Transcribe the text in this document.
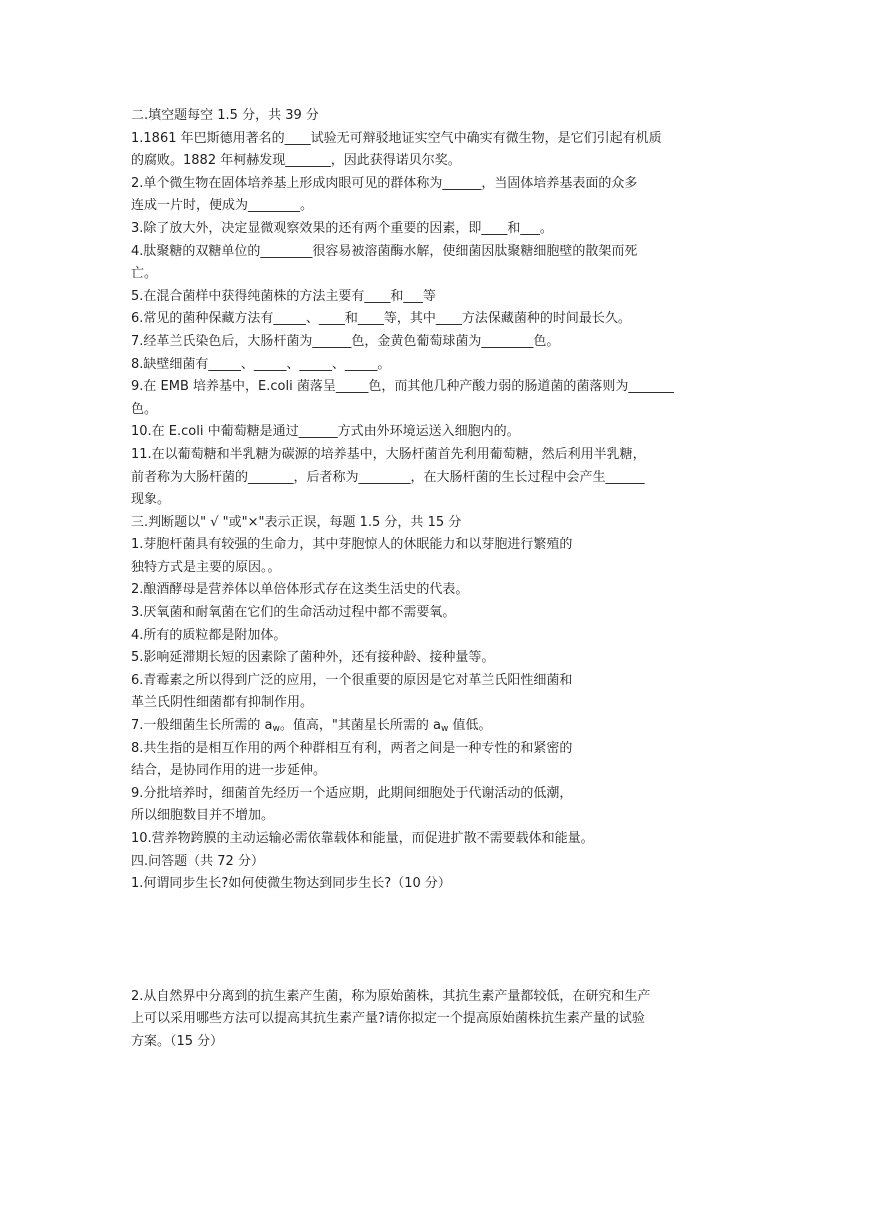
二.填空题每空 1.5 分，共 39 分
1.1861 年巴斯德用著名的____试验无可辩驳地证实空气中确实有微生物，是它们引起有机质
的腐败。1882 年柯赫发现_______，因此获得诺贝尔奖。
2.单个微生物在固体培养基上形成肉眼可见的群体称为______，当固体培养基表面的众多
连成一片时，便成为________。
3.除了放大外，决定显微观察效果的还有两个重要的因素，即____和___。
4.肽聚糖的双糖单位的________很容易被溶菌酶水解，使细菌因肽聚糖细胞壁的散架而死
亡。
5.在混合菌样中获得纯菌株的方法主要有____和___等
6.常见的菌种保藏方法有_____、____和____等，其中____方法保藏菌种的时间最长久。
7.经革兰氏染色后，大肠杆菌为______色，金黄色葡萄球菌为________色。
8.缺壁细菌有_____、_____、_____、_____。
9.在 EMB 培养基中，E.coli 菌落呈_____色，而其他几种产酸力弱的肠道菌的菌落则为_______
色。
10.在 E.coli 中葡萄糖是通过______方式由外环境运送入细胞内的。
11.在以葡萄糖和半乳糖为碳源的培养基中，大肠杆菌首先利用葡萄糖，然后利用半乳糖，
前者称为大肠杆菌的_______，后者称为________，在大肠杆菌的生长过程中会产生______
现象。
三.判断题以" √ "或"×"表示正误，每题 1.5 分，共 15 分
1.芽胞杆菌具有较强的生命力，其中芽胞惊人的休眠能力和以芽胞进行繁殖的
独特方式是主要的原因。。
2.酿酒酵母是营养体以单倍体形式存在这类生活史的代表。
3.厌氧菌和耐氧菌在它们的生命活动过程中都不需要氧。
4.所有的质粒都是附加体。
5.影响延滞期长短的因素除了菌种外，还有接种龄、接种量等。
6.青霉素之所以得到广泛的应用，一个很重要的原因是它对革兰氏阳性细菌和
革兰氏阴性细菌都有抑制作用。
7.一般细菌生长所需的 $a_w$。值高，"其菌星长所需的 $a_w$ 值低。
8.共生指的是相互作用的两个种群相互有利，两者之间是一种专性的和紧密的
结合，是协同作用的进一步延伸。
9.分批培养时，细菌首先经历一个适应期，此期间细胞处于代谢活动的低潮，
所以细胞数目并不增加。
10.营养物跨膜的主动运输必需依靠载体和能量，而促进扩散不需要载体和能量。
四.问答题（共 72 分）
1.何谓同步生长?如何使微生物达到同步生长?（10 分）
2.从自然界中分离到的抗生素产生菌，称为原始菌株，其抗生素产量都较低，在研究和生产
上可以采用哪些方法可以提高其抗生素产量?请你拟定一个提高原始菌株抗生素产量的试验
方案。（15 分）
